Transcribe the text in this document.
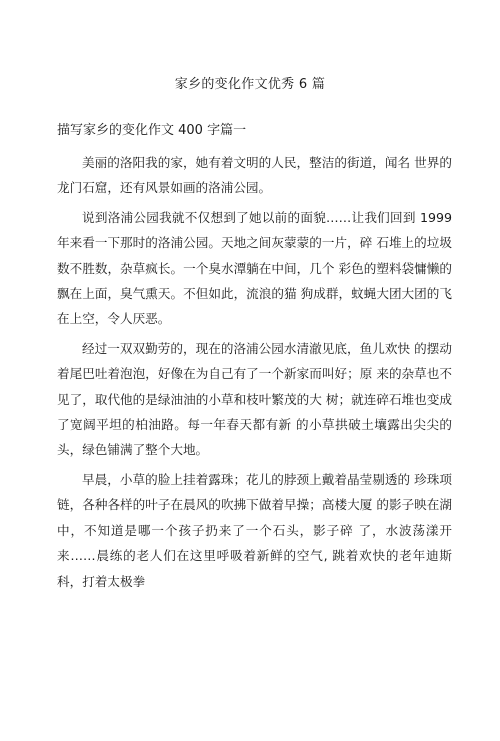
家乡的变化作文优秀 6 篇
描写家乡的变化作文 400 字篇一

美丽的洛阳我的家，她有着文明的人民，整洁的街道，闻名 世界的龙门石窟，还有风景如画的洛浦公园。

说到洛浦公园我就不仅想到了她以前的面貌……让我们回到 1999 年来看一下那时的洛浦公园。天地之间灰蒙蒙的一片，碎 石堆上的垃圾数不胜数，杂草疯长。一个臭水潭躺在中间，几个 彩色的塑料袋慵懒的飘在上面，臭气熏天。不但如此，流浪的猫 狗成群，蚊蝇大团大团的飞在上空，令人厌恶。

经过一双双勤劳的，现在的洛浦公园水清澈见底，鱼儿欢快 的摆动着尾巴吐着泡泡，好像在为自己有了一个新家而叫好；原 来的杂草也不见了，取代他的是绿油油的小草和枝叶繁茂的大 树；就连碎石堆也变成了宽阔平坦的柏油路。每一年春天都有新 的小草拱破土壤露出尖尖的头，绿色铺满了整个大地。

早晨，小草的脸上挂着露珠；花儿的脖颈上戴着晶莹剔透的 珍珠项链，各种各样的叶子在晨风的吹拂下做着早操；高楼大厦 的影子映在湖中，不知道是哪一个孩子扔来了一个石头，影子碎 了，水波荡漾开来……晨练的老人们在这里呼吸着新鲜的空气, 跳着欢快的老年迪斯科，打着太极拳
